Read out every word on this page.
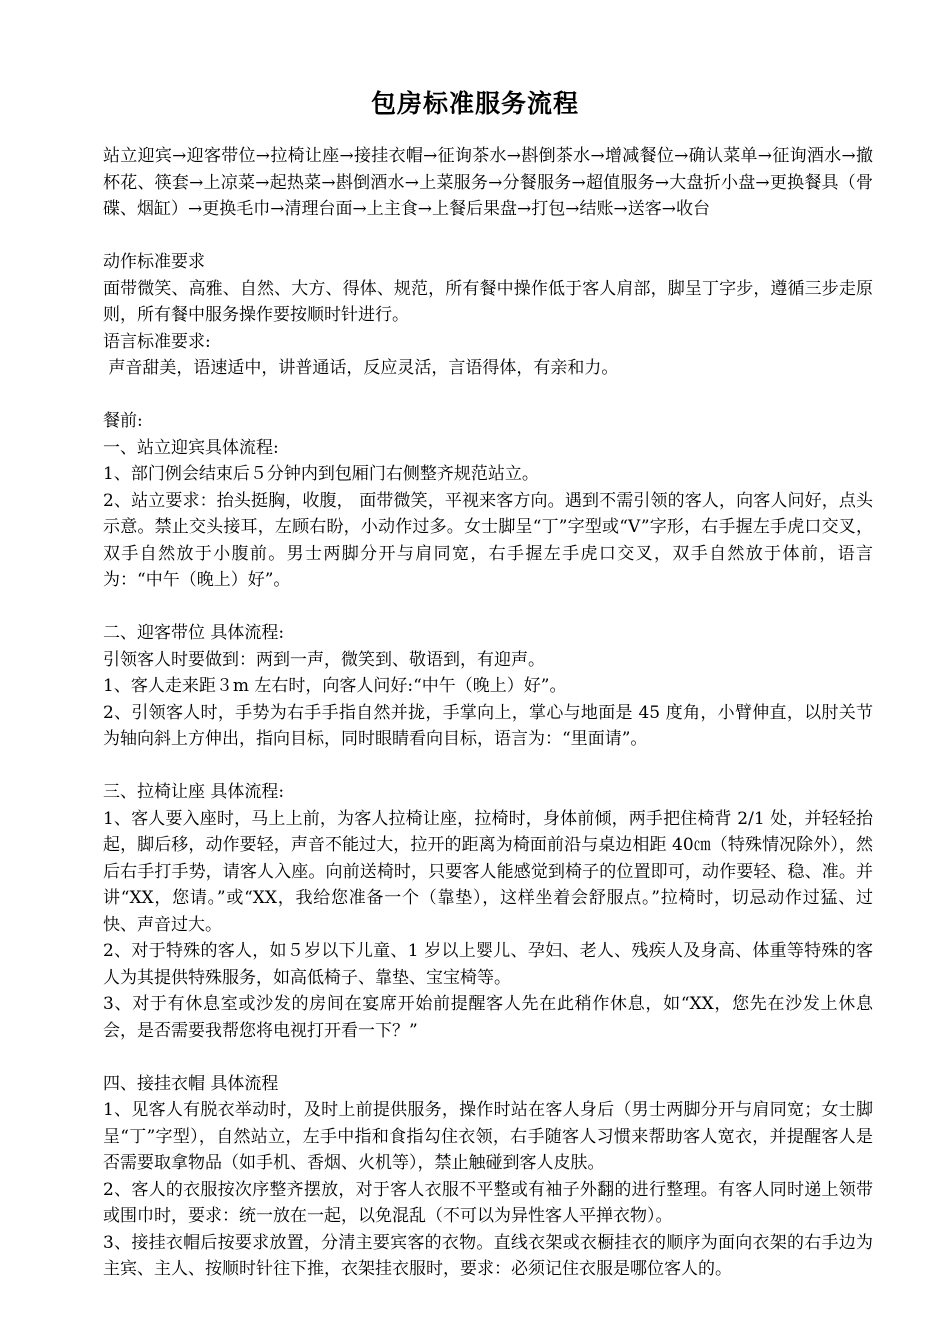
包房标准服务流程

站立迎宾→迎客带位→拉椅让座→接挂衣帽→征询茶水→斟倒茶水→增减餐位→确认菜单→征询酒水→撤杯花、筷套→上凉菜→起热菜→斟倒酒水→上菜服务→分餐服务→超值服务→大盘折小盘→更换餐具（骨碟、烟缸）→更换毛巾→清理台面→上主食→上餐后果盘→打包→结账→送客→收台

动作标准要求

面带微笑、高雅、自然、大方、得体、规范，所有餐中操作低于客人肩部，脚呈丁字步，遵循三步走原则，所有餐中服务操作要按顺时针进行。

语言标准要求:

声音甜美，语速适中，讲普通话，反应灵活，言语得体，有亲和力。

餐前:

一、站立迎宾具体流程:

1、部门例会结束后５分钟内到包厢门右侧整齐规范站立。

2、站立要求：抬头挺胸，收腹， 面带微笑，平视来客方向。遇到不需引领的客人，向客人问好，点头示意。禁止交头接耳，左顾右盼，小动作过多。女士脚呈“丁”字型或“V”字形，右手握左手虎口交叉，双手自然放于小腹前。男士两脚分开与肩同宽，右手握左手虎口交叉，双手自然放于体前，语言为：“中午（晚上）好”。

二、迎客带位 具体流程:

引领客人时要做到：两到一声，微笑到、敬语到，有迎声。

1、客人走来距３m 左右时，向客人问好:“中午（晚上）好”。

2、引领客人时，手势为右手手指自然并拢，手掌向上，掌心与地面是 45 度角，小臂伸直，以肘关节为轴向斜上方伸出，指向目标，同时眼睛看向目标，语言为：“里面请”。

三、拉椅让座 具体流程:

1、客人要入座时，马上上前，为客人拉椅让座，拉椅时，身体前倾，两手把住椅背 2/1 处，并轻轻抬起，脚后移，动作要轻，声音不能过大，拉开的距离为椅面前沿与桌边相距 40㎝（特殊情况除外），然后右手打手势，请客人入座。向前送椅时，只要客人能感觉到椅子的位置即可，动作要轻、稳、准。并讲“XX，您请。”或“XX，我给您准备一个（靠垫），这样坐着会舒服点。”拉椅时，切忌动作过猛、过快、声音过大。

2、对于特殊的客人，如５岁以下儿童、1 岁以上婴儿、孕妇、老人、残疾人及身高、体重等特殊的客人为其提供特殊服务，如高低椅子、靠垫、宝宝椅等。

3、对于有休息室或沙发的房间在宴席开始前提醒客人先在此稍作休息，如“XX，您先在沙发上休息会，是否需要我帮您将电视打开看一下？”

四、接挂衣帽 具体流程

1、见客人有脱衣举动时，及时上前提供服务，操作时站在客人身后（男士两脚分开与肩同宽；女士脚呈“丁”字型），自然站立，左手中指和食指勾住衣领，右手随客人习惯来帮助客人宽衣，并提醒客人是否需要取拿物品（如手机、香烟、火机等），禁止触碰到客人皮肤。

2、客人的衣服按次序整齐摆放，对于客人衣服不平整或有袖子外翻的进行整理。有客人同时递上领带或围巾时，要求：统一放在一起，以免混乱（不可以为异性客人平掸衣物）。

3、接挂衣帽后按要求放置，分清主要宾客的衣物。直线衣架或衣橱挂衣的顺序为面向衣架的右手边为主宾、主人、按顺时针往下推，衣架挂衣服时，要求：必须记住衣服是哪位客人的。
